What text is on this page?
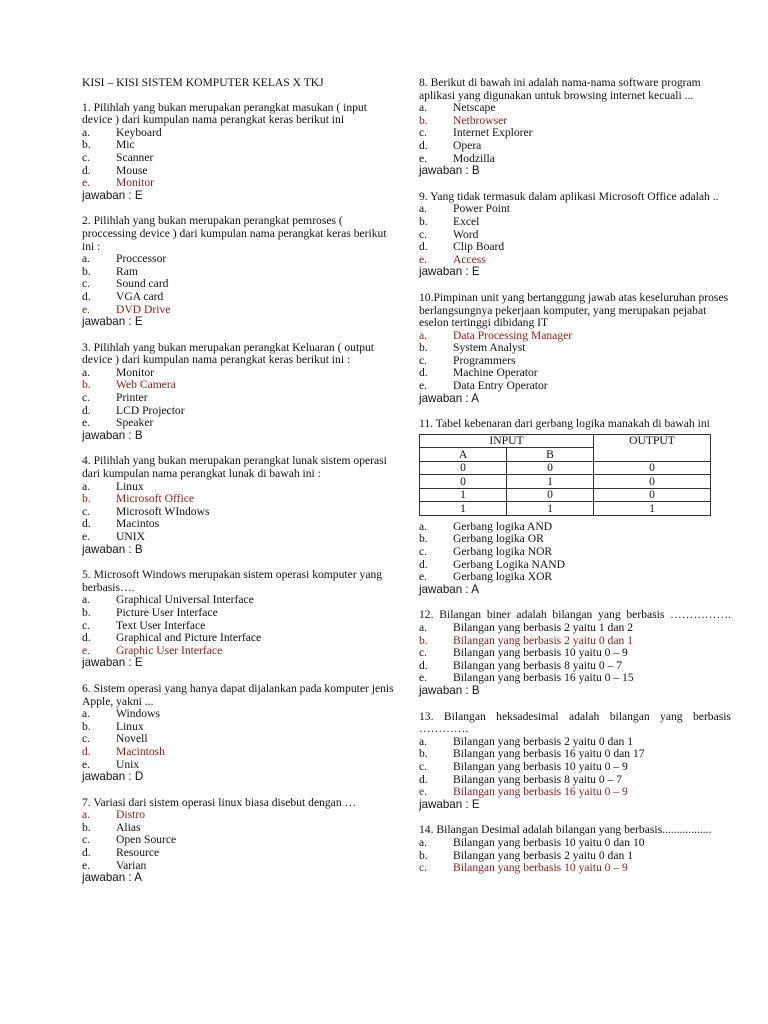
KISI – KISI SISTEM KOMPUTER KELAS X TKJ

1. Pilihlah yang bukan merupakan perangkat masukan ( input device ) dari kumpulan nama perangkat keras berikut ini

a. Keyboard
b. Mic
c. Scanner
d. Mouse
e. Monitor
jawaban : E

2. Pilihlah yang bukan merupakan perangkat pemroses ( proccessing device ) dari kumpulan nama perangkat keras berikut ini :

a. Proccessor
b. Ram
c. Sound card
d. VGA card
e. DVD Drive
jawaban : E

3. Pilihlah yang bukan merupakan perangkat Keluaran ( output device ) dari kumpulan nama perangkat keras berikut ini :

a. Monitor
b. Web Camera
c. Printer
d. LCD Projector
e. Speaker
jawaban : B

4. Pilihlah yang bukan merupakan perangkat lunak sistem operasi dari kumpulan nama perangkat lunak di bawah ini :

a. Linux
b. Microsoft Office
c. Microsoft WIndows
d. Macintos
e. UNIX
jawaban : B

5. Microsoft Windows merupakan sistem operasi komputer yang berbasis….

a. Graphical Universal Interface
b. Picture User Interface
c. Text User Interface
d. Graphical and Picture Interface
e. Graphic User Interface
jawaban : E

6. Sistem operasi yang hanya dapat dijalankan pada komputer jenis Apple, yakni ...

a. Windows
b. Linux
c. Novell
d. Macintosh
e. Unix
jawaban : D

7. Variasi dari sistem operasi linux biasa disebut dengan …

a. Distro
b. Alias
c. Open Source
d. Resource
e. Varian
jawaban : A

8. Berikut di bawah ini adalah nama-nama software program aplikasi yang digunakan untuk browsing internet kecuali ...

a. Netscape
b. Netbrowser
c. Internet Explorer
d. Opera
e. Modzilla
jawaban : B

9. Yang tidak termasuk dalam aplikasi Microsoft Office adalah ..

a. Power Point
b. Excel
c. Word
d. Clip Board
e. Access
jawaban : E

10.Pimpinan unit yang bertanggung jawab atas keseluruhan proses berlangsungnya pekerjaan komputer, yang merupakan pejabat eselon tertinggi dibidang IT

a. Data Processing Manager
b. System Analyst
c. Programmers
d. Machine Operator
e. Data Entry Operator
jawaban : A

11. Tabel kebenaran dari gerbang logika manakah di bawah ini

INPUT		OUTPUT
A	B	
0	0	0
0	1	0
1	0	0
1	1	1
a. Gerbang logika AND
b. Gerbang logika OR
c. Gerbang logika NOR
d. Gerbang Logika NAND
e. Gerbang logika XOR
jawaban : A

12. Bilangan biner adalah bilangan yang berbasis …………….

a. Bilangan yang berbasis 2 yaitu 1 dan 2
b. Bilangan yang berbasis 2 yaitu 0 dan 1
c. Bilangan yang berbasis 10 yaitu 0 – 9
d. Bilangan yang berbasis 8 yaitu 0 – 7
e. Bilangan yang berbasis 16 yaitu 0 – 15
jawaban : B

13. Bilangan heksadesimal adalah bilangan yang berbasis ………….

a. Bilangan yang berbasis 2 yaitu 0 dan 1
b. Bilangan yang berbasis 16 yaitu 0 dan 17
c. Bilangan yang berbasis 10 yaitu 0 – 9
d. Bilangan yang berbasis 8 yaitu 0 – 7
e. Bilangan yang berbasis 16 yaitu 0 – 9
jawaban : E

14. Bilangan Desimal adalah bilangan yang berbasis.................

a. Bilangan yang berbasis 10 yaitu 0 dan 10
b. Bilangan yang berbasis 2 yaitu 0 dan 1
c. Bilangan yang berbasis 10 yaitu 0 – 9
